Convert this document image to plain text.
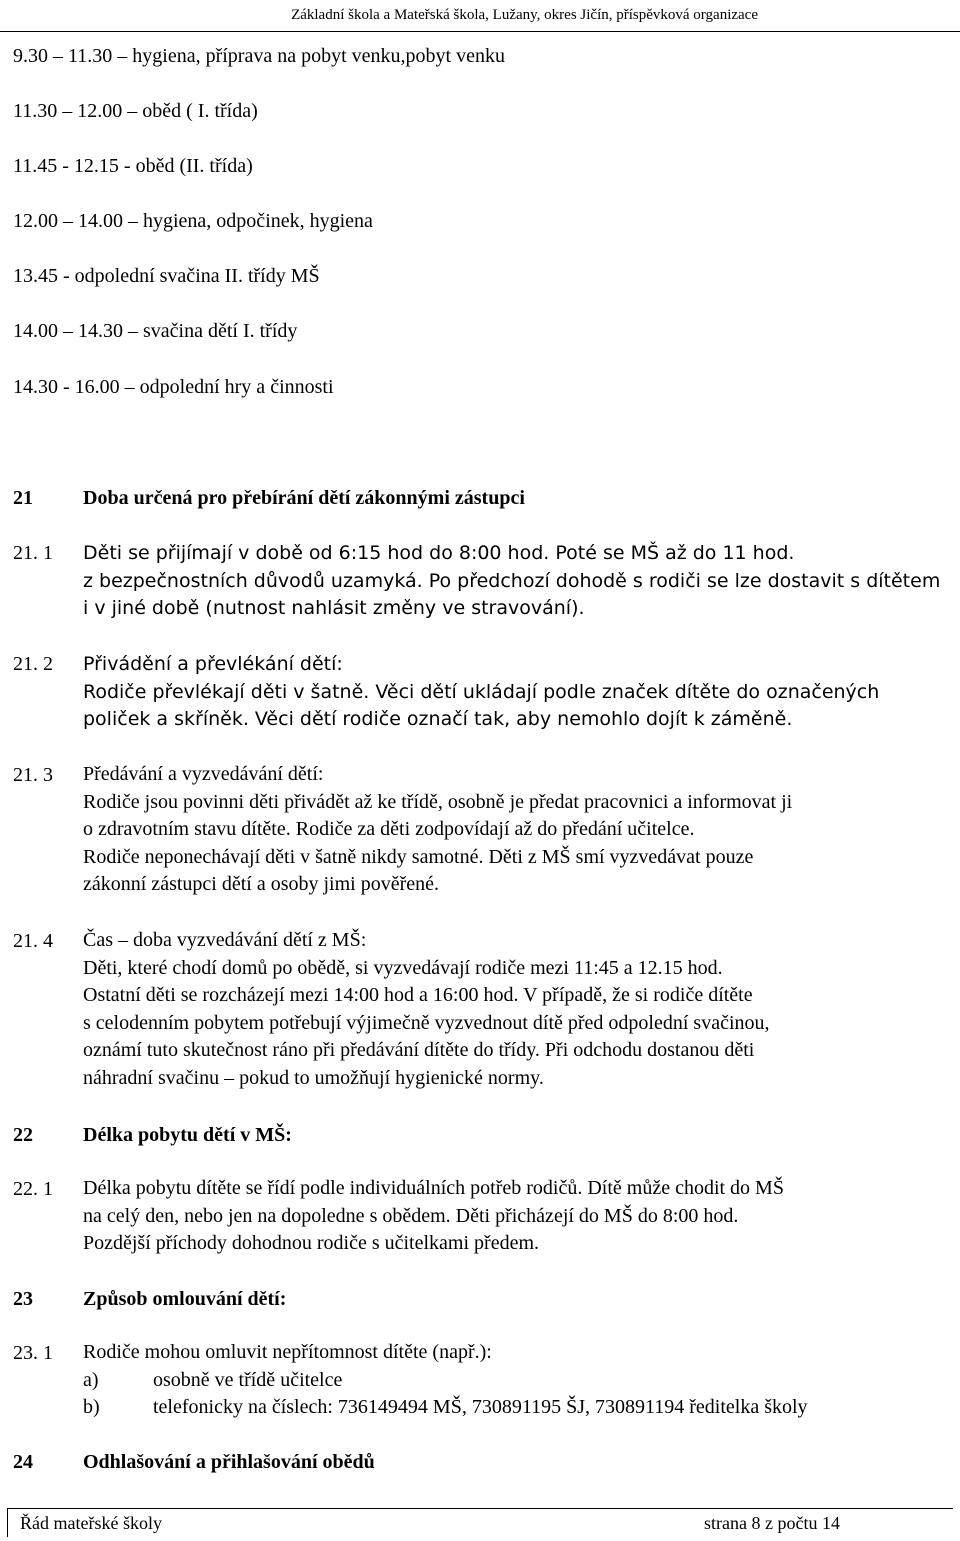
Základní škola a Mateřská škola, Lužany, okres Jičín, příspěvková organizace
9.30 – 11.30 – hygiena, příprava na pobyt venku,pobyt venku
11.30 – 12.00 – oběd ( I. třída)
11.45 - 12.15 - oběd (II. třída)
12.00 – 14.00 – hygiena, odpočinek, hygiena
13.45 - odpolední svačina II. třídy MŠ
14.00 – 14.30 – svačina dětí I. třídy
14.30 - 16.00 – odpolední hry a činnosti
21	Doba určená pro přebírání dětí zákonnými zástupci
21. 1 Děti se přijímají v době od 6:15 hod do 8:00 hod. Poté se MŠ až do 11 hod.

z bezpečnostních důvodů uzamyká. Po předchozí dohodě s rodiči se lze dostavit s dítětem

i v jiné době (nutnost nahlásit změny ve stravování).

21. 2 Přivádění a převlékání dětí:

Rodiče převlékají děti v šatně. Věci dětí ukládají podle značek dítěte do označených

poliček a skříněk. Věci dětí rodiče označí tak, aby nemohlo dojít k záměně.

21. 3 Předávání a vyzvedávání dětí:

Rodiče jsou povinni děti přivádět až ke třídě, osobně je předat pracovnici a informovat ji

o zdravotním stavu dítěte. Rodiče za děti zodpovídají až do předání učitelce.

Rodiče neponechávají děti v šatně nikdy samotné. Děti z MŠ smí vyzvedávat pouze

zákonní zástupci dětí a osoby jimi pověřené.

21. 4 Čas – doba vyzvedávání dětí z MŠ:

Děti, které chodí domů po obědě, si vyzvedávají rodiče mezi 11:45 a 12.15 hod.

Ostatní děti se rozcházejí mezi 14:00 hod a 16:00 hod. V případě, že si rodiče dítěte

s celodenním pobytem potřebují výjimečně vyzvednout dítě před odpolední svačinou,

oznámí tuto skutečnost ráno při předávání dítěte do třídy. Při odchodu dostanou děti

náhradní svačinu – pokud to umožňují hygienické normy.

22	Délka pobytu dětí v MŠ:
22. 1 Délka pobytu dítěte se řídí podle individuálních potřeb rodičů. Dítě může chodit do MŠ

na celý den, nebo jen na dopoledne s obědem. Děti přicházejí do MŠ do 8:00 hod.

Pozdější příchody dohodnou rodiče s učitelkami předem.

23	Způsob omlouvání dětí:
23. 1 Rodiče mohou omluvit nepřítomnost dítěte (např.):

a)	osobně ve třídě učitelce
b)	telefonicky na číslech: 736149494 MŠ, 730891195 ŠJ, 730891194 ředitelka školy
24	Odhlašování a přihlašování obědů
Řád mateřské školy	strana 8 z počtu 14
